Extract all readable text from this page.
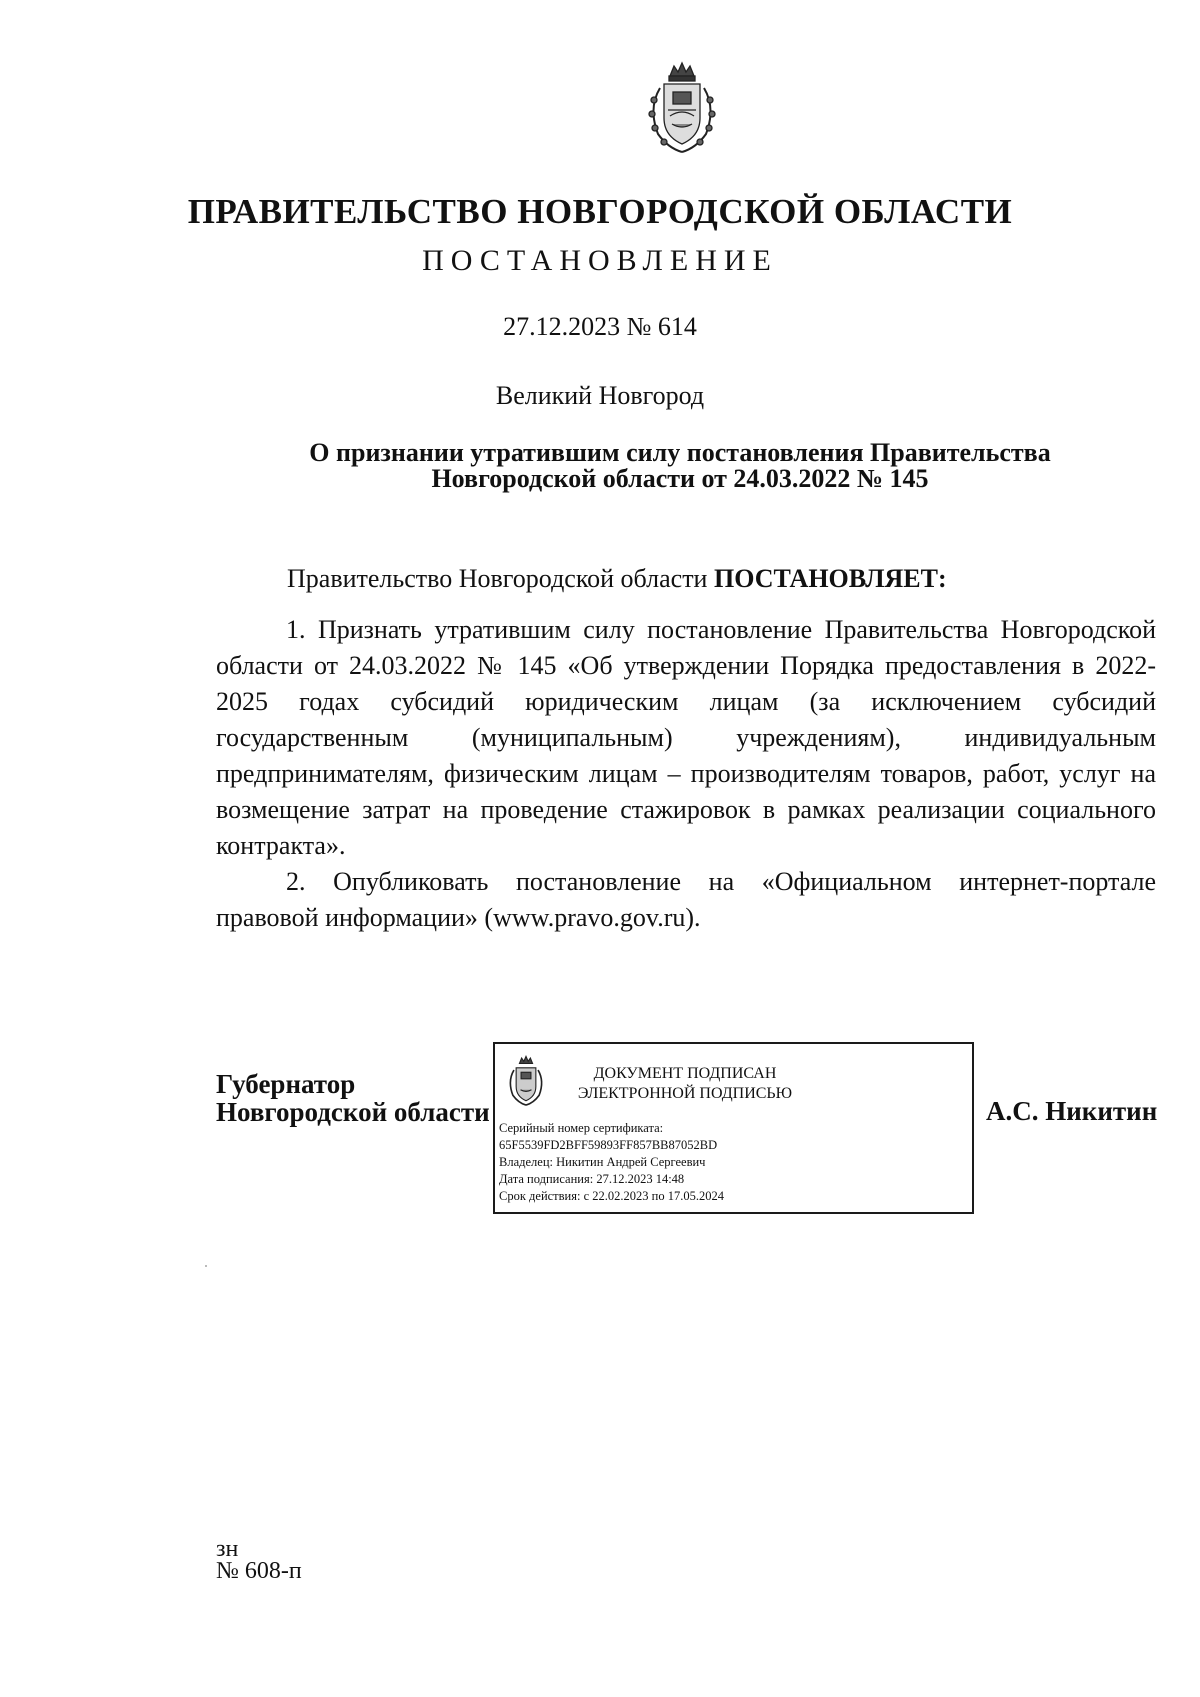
ПРАВИТЕЛЬСТВО НОВГОРОДСКОЙ ОБЛАСТИ
ПОСТАНОВЛЕНИЕ
27.12.2023 № 614
Великий Новгород
О признании утратившим силу постановления Правительства
Новгородской области от 24.03.2022 № 145
Правительство Новгородской области ПОСТАНОВЛЯЕТ:
1. Признать утратившим силу постановление Правительства Новгородской области от 24.03.2022 № 145 «Об утверждении Порядка предоставления в 2022-2025 годах субсидий юридическим лицам (за исключением субсидий государственным (муниципальным) учреждениям), индивидуальным предпринимателям, физическим лицам – производителям товаров, работ, услуг на возмещение затрат на проведение стажировок в рамках реализации социального контракта».
2. Опубликовать постановление на «Официальном интернет-портале правовой информации» (www.pravo.gov.ru).
Губернатор
Новгородской области
ДОКУМЕНТ ПОДПИСАН
ЭЛЕКТРОННОЙ ПОДПИСЬЮ
Серийный номер сертификата:
65F5539FD2BFF59893FF857BB87052BD
Владелец: Никитин Андрей Сергеевич
Дата подписания: 27.12.2023 14:48
Срок действия: с 22.02.2023 по 17.05.2024
А.С. Никитин
зн
№ 608-п
